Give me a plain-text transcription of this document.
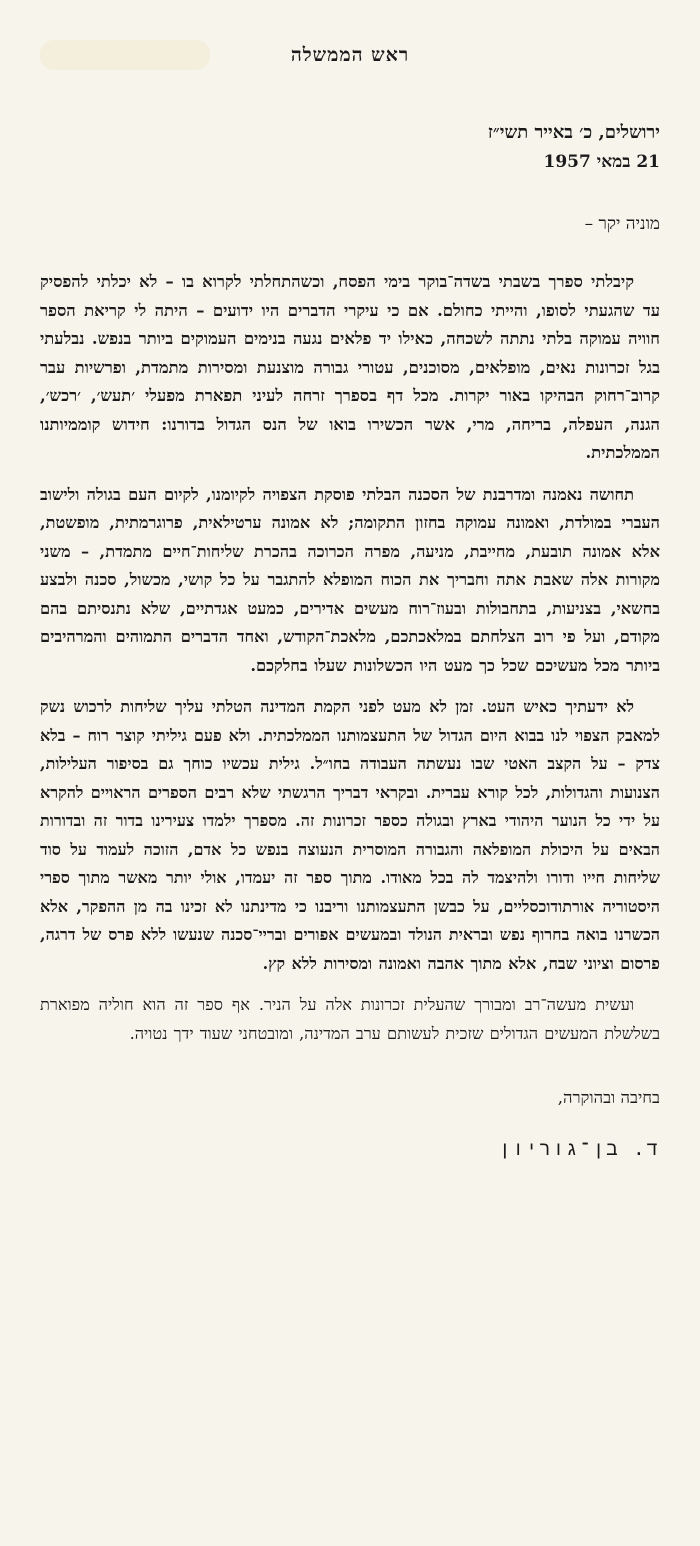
ראש הממשלה
ירושלים, כ׳ באייר תשי״ז
21 במאי 1957
מוניה יקר –

קיבלתי ספרך בשבתי בשדה־בוקר בימי הפסח, וכשהתחלתי לקרוא בו – לא יכלתי להפסיק עד שהגעתי לסופו, והייתי כחולם. אם כי עיקרי הדברים היו ידועים – היתה לי קריאת הספר חוויה עמוקה בלתי נתתה לשכחה, כאילו יד פלאים נגעה בנימים העמוקים ביותר בנפש. נבלעתי בגל זכרונות נאים, מופלאים, מסוכנים, עטורי גבורה מוצנעת ומסירות מתמדת, ופרשיות עבר קרוב־רחוק הבהיקו באור יקרות. מכל דף בספרך זרחה לעיני תפארת מפעלי ׳תעש׳, ׳רכש׳, הגנה, העפלה, בריחה, מרי, אשר הכשירו בואו של הנס הגדול בדורנו: חידוש קוממיותנו הממלכתית.

תחושה נאמנה ומדרבנת של הסכנה הבלתי פוסקת הצפויה לקיומנו, לקיום העם בגולה ולישוב העברי במולדת, ואמונה עמוקה בחזון התקומה; לא אמונה ערטילאית, פרוגרמתית, מופשטת, אלא אמונה תובעת, מחייבת, מניעה, מפרה הכרוכה בהכרת שליחות־חיים מתמדת, – משני מקורות אלה שאבת אתה וחבריך את הכוח המופלא להתגבר על כל קושי, מכשול, סכנה ולבצע בחשאי, בצניעות, בתחבולות ובעוז־רוח מעשים אדירים, כמעט אגדתיים, שלא נתנסיתם בהם מקודם, ועל פי רוב הצלחתם במלאכתכם, מלאכת־הקודש, ואחד הדברים התמוהים והמרהיבים ביותר מכל מעשיכם שכל כך מעט היו הכשלונות שעלו בחלקכם.

לא ידעתיך כאיש העט. זמן לא מעט לפני הקמת המדינה הטלתי עליך שליחות לרכוש נשק למאבק הצפוי לנו בבוא היום הגדול של התעצמותנו הממלכתית. ולא פעם גיליתי קוצר רוח – בלא צדק – על הקצב האטי שבו נעשתה העבודה בחו״ל. גילית עכשיו כוחך גם בסיפור העלילות, הצנועות והגדולות, לכל קורא עברית. ובקראי דבריך הרגשתי שלא רבים הספרים הראויים להקרא על ידי כל הנוער היהודי בארץ ובגולה כספר זכרונות זה. מספרך ילמדו צעירינו בדור זה ובדורות הבאים על היכולת המופלאה והגבורה המוסרית הנעוצה בנפש כל אדם, הזוכה לעמוד על סוד שליחות חייו ודורו ולהיצמד לה בכל מאודו. מתוך ספר זה יעמדו, אולי יותר מאשר מתוך ספרי היסטוריה אורתודוכסליים, על כבשן התעצמותנו וריבנו כי מדינתנו לא זכינו בה מן ההפקר, אלא הכשרנו בואה בחרוף נפש ובראית הנולד ובמעשים אפורים ובריי־סכנה שנעשו ללא פרס של דרגה, פרסום וציוני שבח, אלא מתוך אהבה ואמונה ומסירות ללא קץ.

ועשית מעשה־רב ומבורך שהעלית זכרונות אלה על הניר. אף ספר זה הוא חוליה מפוארת בשלשלת המעשים הגדולים שזכית לעשותם ערב המדינה, ומובטחני שעוד ידך נטויה.

בחיבה ובהוקרה,
ד. בן־גוריון
